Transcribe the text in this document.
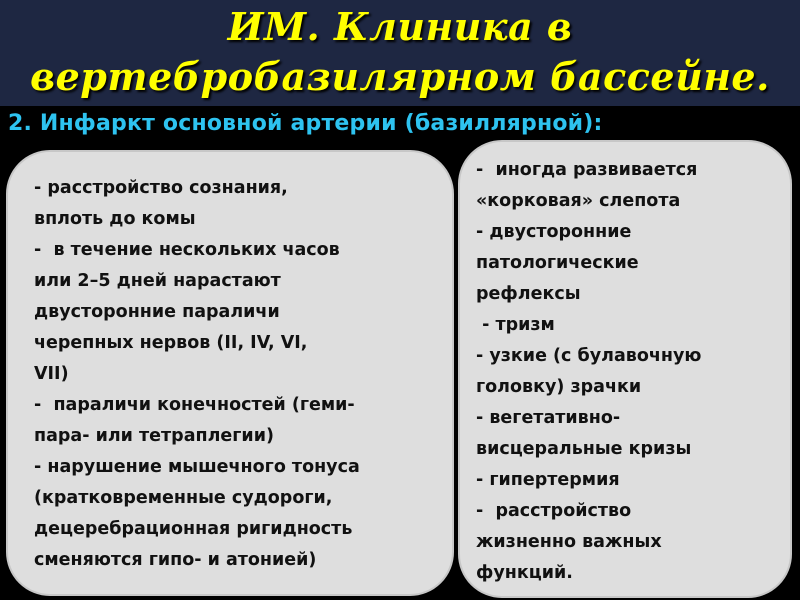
ИМ. Клиника в
вертебробазилярном бассейне.

2. Инфаркт основной артерии (базиллярной):

- расстройство сознания,
вплоть до комы

-  в течение нескольких часов
или 2–5 дней нарастают
двусторонние параличи
черепных нервов (II, IV, VI,
VII)

-  параличи конечностей (геми-
пара- или тетраплегии)

- нарушение мышечного тонуса
(кратковременные судороги,
децеребрационная ригидность
сменяются гипо- и атонией)

-  иногда развивается
«корковая» слепота

- двусторонние
патологические
рефлексы

- тризм

- узкие (с булавочную
головку) зрачки

- вегетативно-
висцеральные кризы

- гипертермия

-  расстройство
жизненно важных
функций.
